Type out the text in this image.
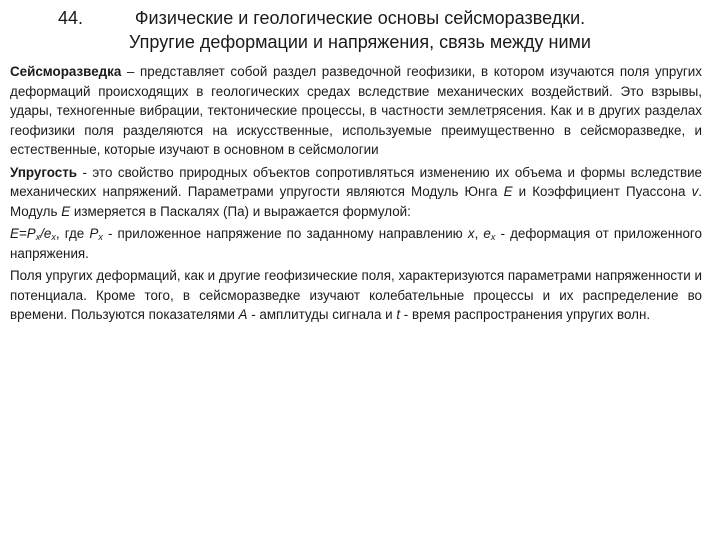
44.	Физические и геологические основы сейсморазведки. Упругие деформации и напряжения, связь между ними

Сейсморазведка – представляет собой раздел разведочной геофизики, в котором изучаются поля упругих деформаций происходящих в геологических средах вследствие механических воздействий. Это взрывы, удары, техногенные вибрации, тектонические процессы, в частности землетрясения. Как и в других разделах геофизики поля разделяются на искусственные, используемые преимущественно в сейсморазведке, и естественные, которые изучают в основном в сейсмологии

Упругость - это свойство природных объектов сопротивляться изменению их объема и формы вследствие механических напряжений. Параметрами упругости являются Модуль Юнга E и Коэффициент Пуассона v. Модуль E измеряется в Паскалях (Па) и выражается формулой:

$E=P_x/e_x$, где $P_x$ - приложенное напряжение по заданному направлению x, $e_x$ - деформация от приложенного напряжения.

Поля упругих деформаций, как и другие геофизические поля, характеризуются параметрами напряженности и потенциала. Кроме того, в сейсморазведке изучают колебательные процессы и их распределение во времени. Пользуются показателями A - амплитуды сигнала и t - время распространения упругих волн.
